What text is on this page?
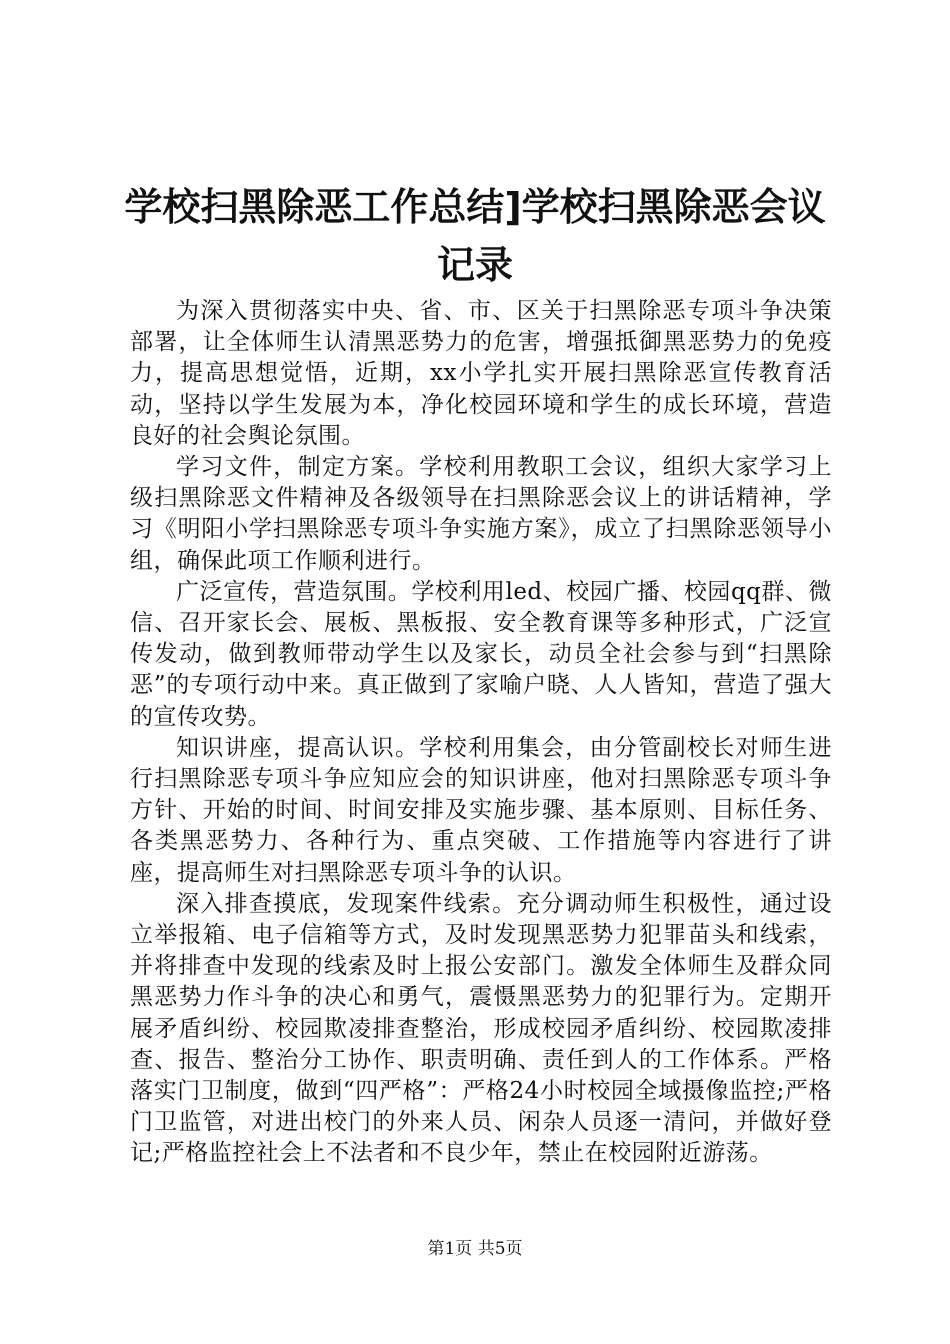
学校扫黑除恶工作总结]学校扫黑除恶会议记录

为深入贯彻落实中央、省、市、区关于扫黑除恶专项斗争决策部署，让全体师生认清黑恶势力的危害，增强抵御黑恶势力的免疫力，提高思想觉悟，近期，xx小学扎实开展扫黑除恶宣传教育活动，坚持以学生发展为本，净化校园环境和学生的成长环境，营造良好的社会舆论氛围。

学习文件，制定方案。学校利用教职工会议，组织大家学习上级扫黑除恶文件精神及各级领导在扫黑除恶会议上的讲话精神，学习《明阳小学扫黑除恶专项斗争实施方案》，成立了扫黑除恶领导小组，确保此项工作顺利进行。

广泛宣传，营造氛围。学校利用led、校园广播、校园qq群、微信、召开家长会、展板、黑板报、安全教育课等多种形式，广泛宣传发动，做到教师带动学生以及家长，动员全社会参与到“扫黑除恶”的专项行动中来。真正做到了家喻户晓、人人皆知，营造了强大的宣传攻势。

知识讲座，提高认识。学校利用集会，由分管副校长对师生进行扫黑除恶专项斗争应知应会的知识讲座，他对扫黑除恶专项斗争方针、开始的时间、时间安排及实施步骤、基本原则、目标任务、各类黑恶势力、各种行为、重点突破、工作措施等内容进行了讲座，提高师生对扫黑除恶专项斗争的认识。

深入排查摸底，发现案件线索。充分调动师生积极性，通过设立举报箱、电子信箱等方式，及时发现黑恶势力犯罪苗头和线索，并将排查中发现的线索及时上报公安部门。激发全体师生及群众同黑恶势力作斗争的决心和勇气，震慑黑恶势力的犯罪行为。定期开展矛盾纠纷、校园欺凌排查整治，形成校园矛盾纠纷、校园欺凌排查、报告、整治分工协作、职责明确、责任到人的工作体系。严格落实门卫制度，做到“四严格”：严格24小时校园全域摄像监控;严格门卫监管，对进出校门的外来人员、闲杂人员逐一清问，并做好登记;严格监控社会上不法者和不良少年，禁止在校园附近游荡。

第1页 共5页
